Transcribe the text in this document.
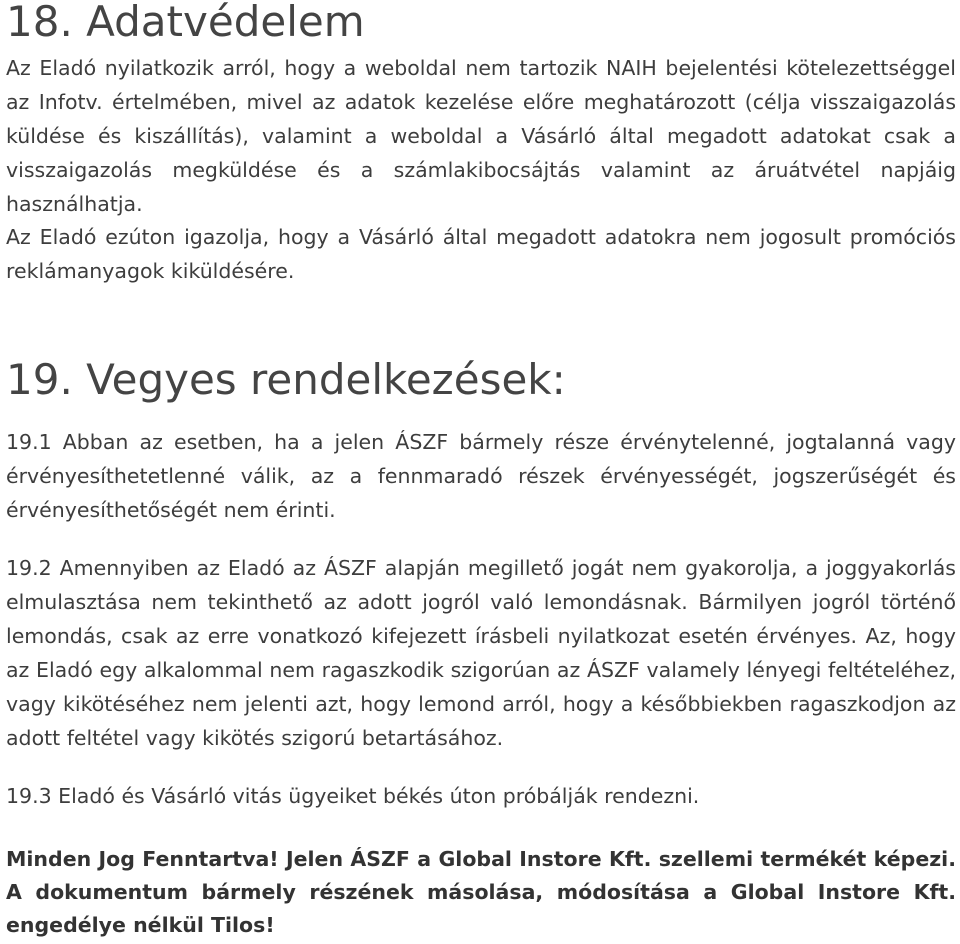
18. Adatvédelem

Az Eladó nyilatkozik arról, hogy a weboldal nem tartozik NAIH bejelentési kötelezettséggel az Infotv. értelmében, mivel az adatok kezelése előre meghatározott (célja visszaigazolás küldése és kiszállítás), valamint a weboldal a Vásárló által megadott adatokat csak a visszaigazolás megküldése és a számlakibocsájtás valamint az áruátvétel napjáig használhatja.

Az Eladó ezúton igazolja, hogy a Vásárló által megadott adatokra nem jogosult promóciós reklámanyagok kiküldésére.

19. Vegyes rendelkezések:

19.1 Abban az esetben, ha a jelen ÁSZF bármely része érvénytelenné, jogtalanná vagy érvényesíthetetlenné válik, az a fennmaradó részek érvényességét, jogszerűségét és érvényesíthetőségét nem érinti.

19.2 Amennyiben az Eladó az ÁSZF alapján megillető jogát nem gyakorolja, a joggyakorlás elmulasztása nem tekinthető az adott jogról való lemondásnak. Bármilyen jogról történő lemondás, csak az erre vonatkozó kifejezett írásbeli nyilatkozat esetén érvényes. Az, hogy az Eladó egy alkalommal nem ragaszkodik szigorúan az ÁSZF valamely lényegi feltételéhez, vagy kikötéséhez nem jelenti azt, hogy lemond arról, hogy a későbbiekben ragaszkodjon az adott feltétel vagy kikötés szigorú betartásához.

19.3 Eladó és Vásárló vitás ügyeiket békés úton próbálják rendezni.

Minden Jog Fenntartva! Jelen ÁSZF a Global Instore Kft. szellemi termékét képezi. A dokumentum bármely részének másolása, módosítása a Global Instore Kft. engedélye nélkül Tilos!
